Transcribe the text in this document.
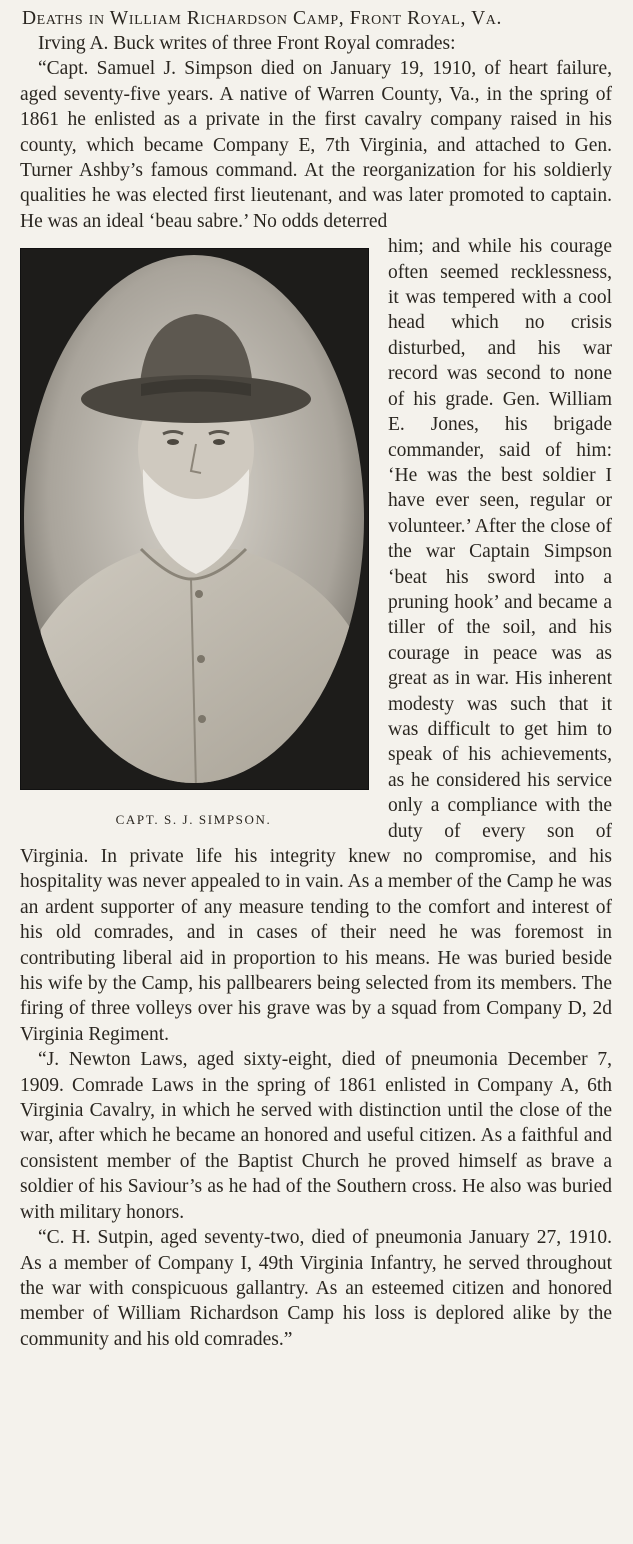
Deaths in William Richardson Camp, Front Royal, Va.

Irving A. Buck writes of three Front Royal comrades:

“Capt. Samuel J. Simpson died on January 19, 1910, of heart failure, aged seventy-five years. A native of Warren County, Va., in the spring of 1861 he enlisted as a private in the first cavalry company raised in his county, which became Company E, 7th Virginia, and attached to Gen. Turner Ashby’s famous command. At the reorganization for his soldierly qualities he was elected first lieutenant, and was later promoted to captain. He was an ideal ‘beau sabre.’ No odds deterred

CAPT. S. J. SIMPSON.

him; and while his courage often seemed recklessness, it was tempered with a cool head which no crisis disturbed, and his war record was second to none of his grade. Gen. William E. Jones, his brigade commander, said of him: ‘He was the best soldier I have ever seen, regular or volunteer.’ After the close of the war Captain Simpson ‘beat his sword into a pruning hook’ and became a tiller of the soil, and his courage in peace was as great as in war. His inherent modesty was such that it was difficult to get him to speak of his achievements, as he considered his service only a compliance with the duty of every son of Virginia. In private life his integrity knew no compromise, and his hospitality was never appealed to in vain. As a member of the Camp he was an ardent supporter of any measure tending to the comfort and interest of his old comrades, and in cases of their need he was foremost in contributing liberal aid in proportion to his means. He was buried beside his wife by the Camp, his pallbearers being selected from its members. The firing of three volleys over his grave was by a squad from Company D, 2d Virginia Regiment.

“J. Newton Laws, aged sixty-eight, died of pneumonia December 7, 1909. Comrade Laws in the spring of 1861 enlisted in Company A, 6th Virginia Cavalry, in which he served with distinction until the close of the war, after which he became an honored and useful citizen. As a faithful and consistent member of the Baptist Church he proved himself as brave a soldier of his Saviour’s as he had of the Southern cross. He also was buried with military honors.

“C. H. Sutpin, aged seventy-two, died of pneumonia January 27, 1910. As a member of Company I, 49th Virginia Infantry, he served throughout the war with conspicuous gallantry. As an esteemed citizen and honored member of William Richardson Camp his loss is deplored alike by the community and his old comrades.”
